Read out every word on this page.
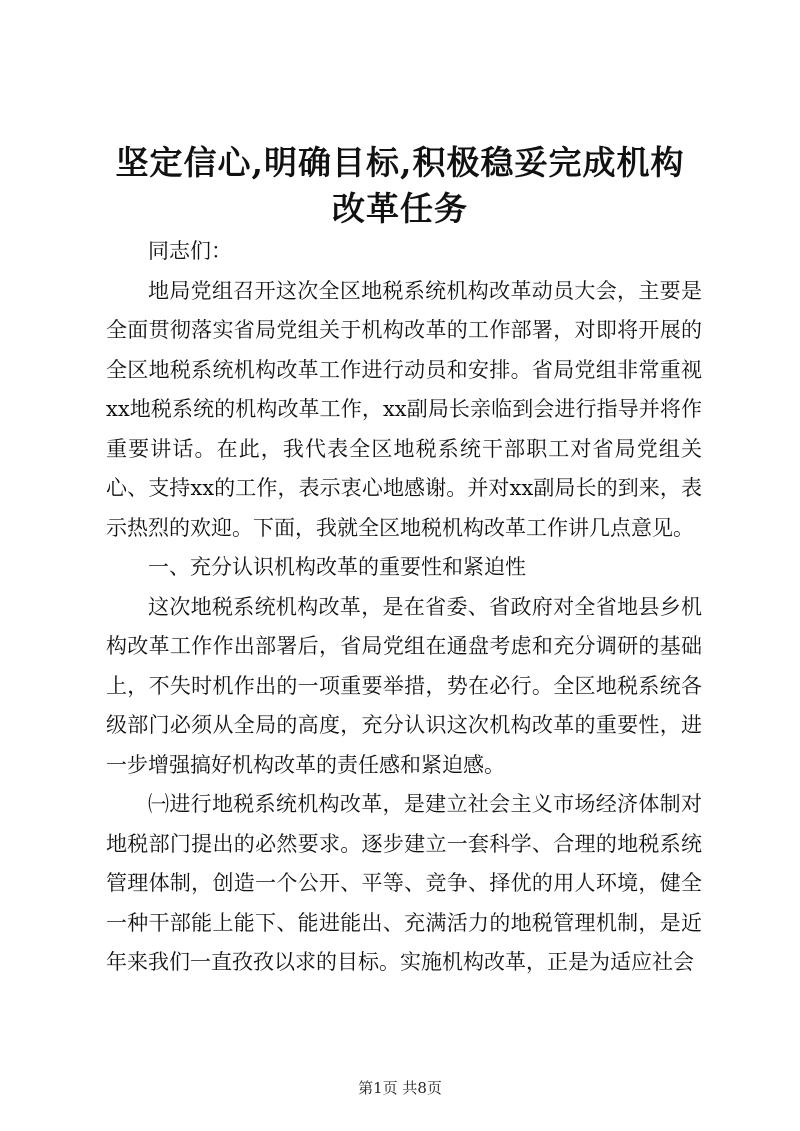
坚定信心,明确目标,积极稳妥完成机构改革任务

同志们：

地局党组召开这次全区地税系统机构改革动员大会，主要是全面贯彻落实省局党组关于机构改革的工作部署，对即将开展的全区地税系统机构改革工作进行动员和安排。省局党组非常重视xx地税系统的机构改革工作，xx副局长亲临到会进行指导并将作重要讲话。在此，我代表全区地税系统干部职工对省局党组关心、支持xx的工作，表示衷心地感谢。并对xx副局长的到来，表示热烈的欢迎。下面，我就全区地税机构改革工作讲几点意见。

一、充分认识机构改革的重要性和紧迫性

这次地税系统机构改革，是在省委、省政府对全省地县乡机构改革工作作出部署后，省局党组在通盘考虑和充分调研的基础上，不失时机作出的一项重要举措，势在必行。全区地税系统各级部门必须从全局的高度，充分认识这次机构改革的重要性，进一步增强搞好机构改革的责任感和紧迫感。

㈠进行地税系统机构改革，是建立社会主义市场经济体制对地税部门提出的必然要求。逐步建立一套科学、合理的地税系统管理体制，创造一个公开、平等、竞争、择优的用人环境，健全一种干部能上能下、能进能出、充满活力的地税管理机制，是近年来我们一直孜孜以求的目标。实施机构改革，正是为适应社会

第1页 共8页
